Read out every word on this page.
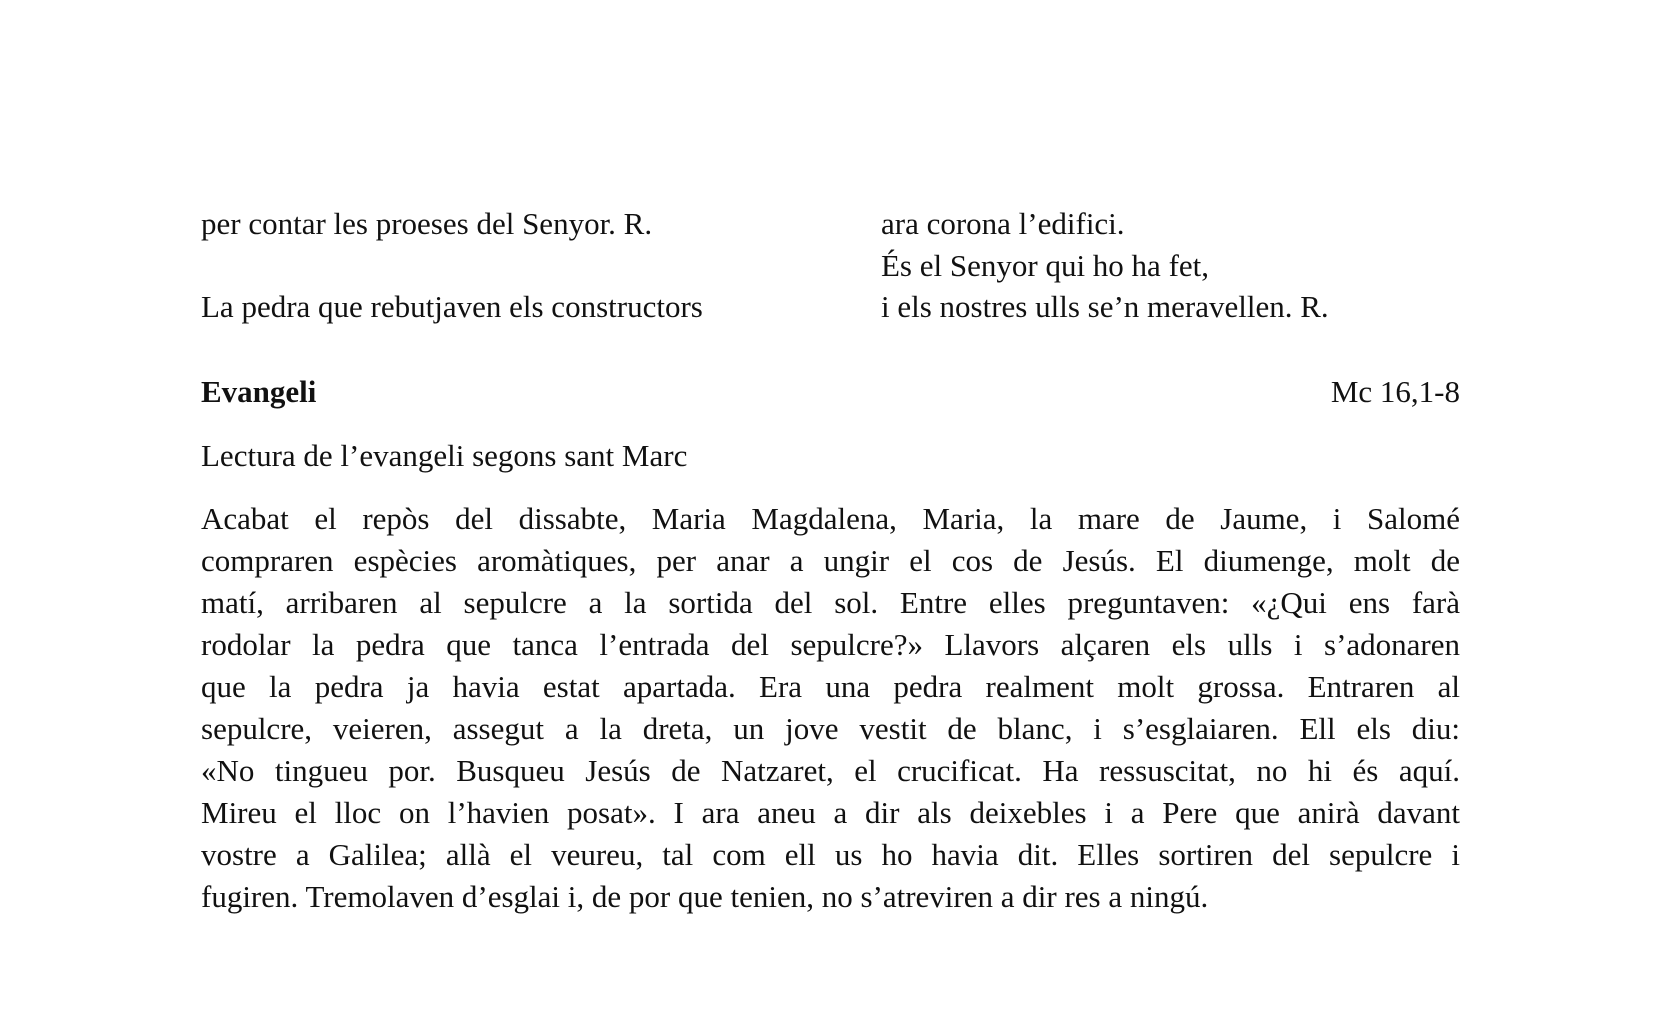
per contar les proeses del Senyor. R.
La pedra que rebutjaven els constructors
ara corona l’edifici.
És el Senyor qui ho ha fet,
i els nostres ulls se’n meravellen. R.
Evangeli	Mc 16,1-8
Lectura de l’evangeli segons sant Marc
Acabat el repòs del dissabte, Maria Magdalena, Maria, la mare de Jaume, i Salomé
compraren espècies aromàtiques, per anar a ungir el cos de Jesús. El diumenge, molt de
matí, arribaren al sepulcre a la sortida del sol. Entre elles preguntaven: «¿Qui ens farà
rodolar la pedra que tanca l’entrada del sepulcre?» Llavors alçaren els ulls i s’adonaren
que la pedra ja havia estat apartada. Era una pedra realment molt grossa. Entraren al
sepulcre, veieren, assegut a la dreta, un jove vestit de blanc, i s’esglaiaren. Ell els diu:
«No tingueu por. Busqueu Jesús de Natzaret, el crucificat. Ha ressuscitat, no hi és aquí.
Mireu el lloc on l’havien posat». I ara aneu a dir als deixebles i a Pere que anirà davant
vostre a Galilea; allà el veureu, tal com ell us ho havia dit. Elles sortiren del sepulcre i
fugiren. Tremolaven d’esglai i, de por que tenien, no s’atreviren a dir res a ningú.
